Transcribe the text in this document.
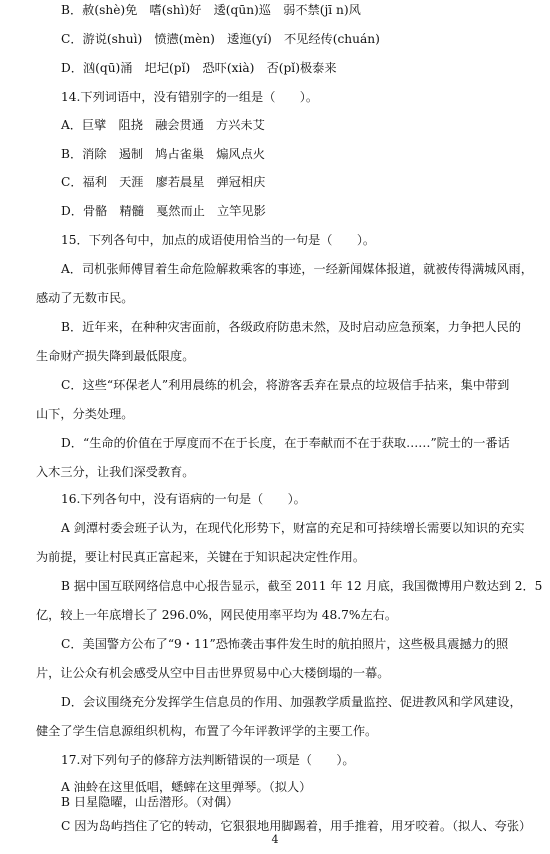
B．赦(shè)免　嗜(shì)好　逶(qūn)巡　弱不禁(jī n)风
C．游说(shuì)　愤懑(mèn)　逶迤(yí)　不见经传(chuán)
D．汹(qū)涌　圯圮(pǐ)　恐吓(xià)　否(pǐ)极泰来
14.下列词语中，没有错别字的一组是（　　）。
A．巨擘　阻挠　融会贯通　方兴未艾
B．消除　遏制　鸠占雀巢　煽风点火
C．福利　天涯　廖若晨星　弹冠相庆
D．骨骼　精髓　戛然而止　立竿见影
15．下列各句中，加点的成语使用恰当的一句是（　　）。
A．司机张师傅冒着生命危险解救乘客的事迹，一经新闻媒体报道，就被传得满城风雨，
感动了无数市民。
B．近年来，在种种灾害面前，各级政府防患未然，及时启动应急预案，力争把人民的
生命财产损失降到最低限度。
C．这些“环保老人”利用晨练的机会，将游客丢弃在景点的垃圾信手拈来，集中带到
山下，分类处理。
D．“生命的价值在于厚度而不在于长度，在于奉献而不在于获取……”院士的一番话
入木三分，让我们深受教育。
16.下列各句中，没有语病的一句是（　　）。
A 剑潭村委会班子认为，在现代化形势下，财富的充足和可持续增长需要以知识的充实
为前提，要让村民真正富起来，关键在于知识起决定性作用。
B 据中国互联网络信息中心报告显示，截至 2011 年 12 月底，我国微博用户数达到 2．5
亿，较上一年底增长了 296.0%，网民使用率平均为 48.7%左右。
C．美国警方公布了“9・11”恐怖袭击事件发生时的航拍照片，这些极具震撼力的照
片，让公众有机会感受从空中目击世界贸易中心大楼倒塌的一幕。
D．会议围绕充分发挥学生信息员的作用、加强教学质量监控、促进教风和学风建设，
健全了学生信息源组织机构，布置了今年评教评学的主要工作。
17.对下列句子的修辞方法判断错误的一项是（　　）。
A 油蛉在这里低唱，蟋蟀在这里弹琴。（拟人）
B 日星隐曜，山岳潜形。（对偶）
C 因为岛屿挡住了它的转动，它狠狠地用脚踢着，用手推着，用牙咬着。（拟人、夸张）
4
